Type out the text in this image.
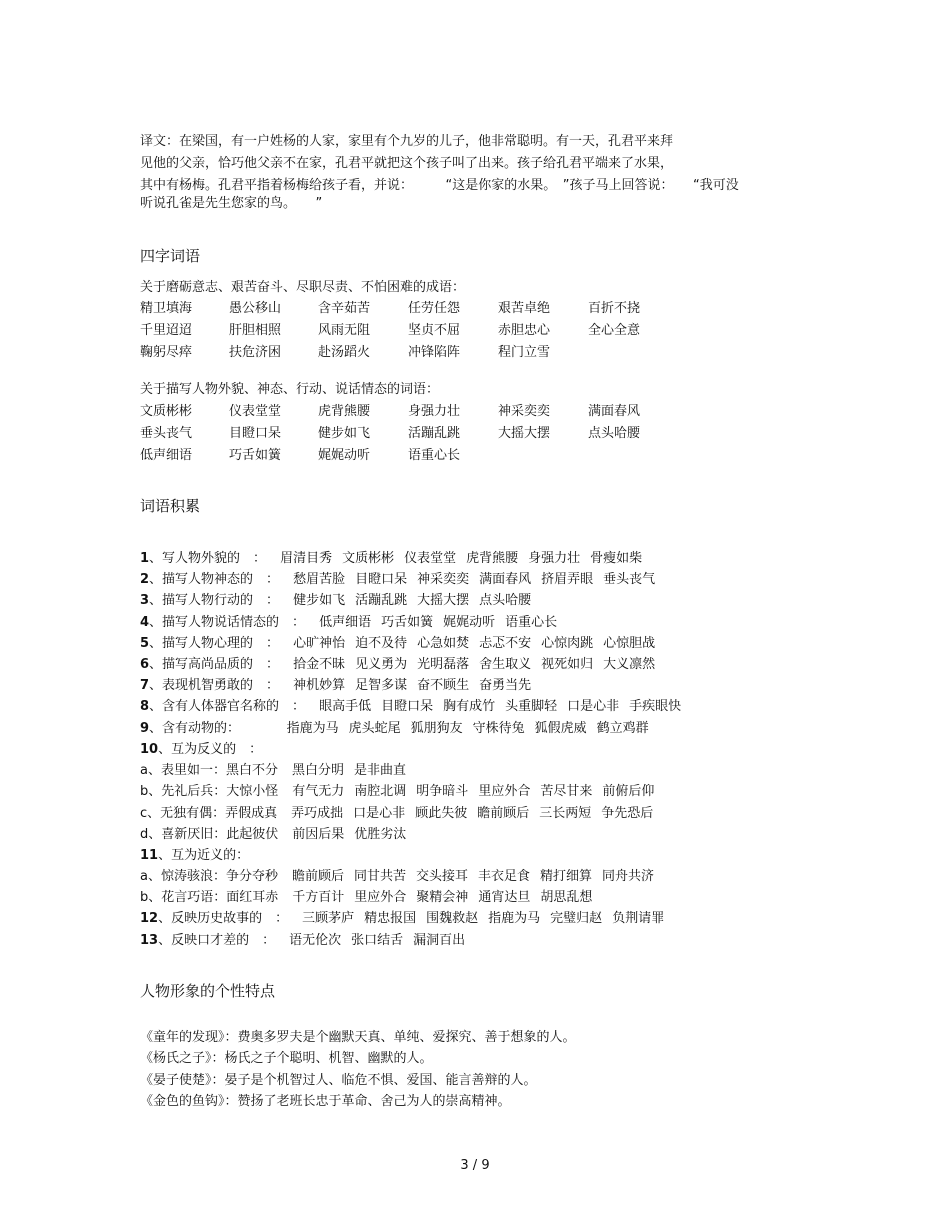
译文：在梁国，有一户姓杨的人家，家里有个九岁的儿子，他非常聪明。有一天，孔君平来拜
见他的父亲，恰巧他父亲不在家，孔君平就把这个孩子叫了出来。孩子给孔君平端来了水果，
其中有杨梅。孔君平指着杨梅给孩子看，并说：　　　“这是你家的水果。　”孩子马上回答说：　　“我可没
听说孔雀是先生您家的鸟。　　”
四字词语
关于磨砺意志、艰苦奋斗、尽职尽责、不怕困难的成语：
精卫填海	愚公移山	含辛茹苦	任劳任怨	艰苦卓绝	百折不挠
千里迢迢	肝胆相照	风雨无阻	坚贞不屈	赤胆忠心	全心全意
鞠躬尽瘁	扶危济困	赴汤蹈火	冲锋陷阵	程门立雪
关于描写人物外貌、神态、行动、说话情态的词语：
文质彬彬	仪表堂堂	虎背熊腰	身强力壮	神采奕奕	满面春风
垂头丧气	目瞪口呆	健步如飞	活蹦乱跳	大摇大摆	点头哈腰
低声细语	巧舌如簧	娓娓动听	语重心长
词语积累
1、写人物外貌的　： 眉清目秀 文质彬彬 仪表堂堂 虎背熊腰 身强力壮 骨瘦如柴
2、描写人物神态的　： 愁眉苦脸 目瞪口呆 神采奕奕 满面春风 挤眉弄眼 垂头丧气
3、描写人物行动的　： 健步如飞 活蹦乱跳 大摇大摆 点头哈腰
4、描写人物说话情态的　： 低声细语 巧舌如簧 娓娓动听 语重心长
5、描写人物心理的　： 心旷神怡 迫不及待 心急如焚 忐忑不安 心惊肉跳 心惊胆战
6、描写高尚品质的　： 拾金不昧 见义勇为 光明磊落 舍生取义 视死如归 大义凛然
7、表现机智勇敢的　： 神机妙算 足智多谋 奋不顾生 奋勇当先
8、含有人体器官名称的　： 眼高手低 目瞪口呆 胸有成竹 头重脚轻 口是心非 手疾眼快
9、含有动物的：　　　指鹿为马 虎头蛇尾 狐朋狗友 守株待兔 狐假虎威 鹤立鸡群
10、互为反义的　：
a、表里如一：黑白不分 黑白分明 是非曲直
b、先礼后兵：大惊小怪 有气无力 南腔北调 明争暗斗 里应外合 苦尽甘来 前俯后仰
c、无独有偶：弄假成真 弄巧成拙 口是心非 顾此失彼 瞻前顾后 三长两短 争先恐后
d、喜新厌旧：此起彼伏 前因后果 优胜劣汰
11、互为近义的：
a、惊涛骇浪：争分夺秒 瞻前顾后 同甘共苦 交头接耳 丰衣足食 精打细算 同舟共济
b、花言巧语：面红耳赤 千方百计 里应外合 聚精会神 通宵达旦 胡思乱想
12、反映历史故事的　： 三顾茅庐 精忠报国 围魏救赵 指鹿为马 完璧归赵 负荆请罪
13、反映口才差的　： 语无伦次 张口结舌 漏洞百出
人物形象的个性特点
《童年的发现》：费奥多罗夫是个幽默天真、单纯、爱探究、善于想象的人。
《杨氏之子》：杨氏之子个聪明、机智、幽默的人。
《晏子使楚》：晏子是个机智过人、临危不惧、爱国、能言善辩的人。
《金色的鱼钩》：赞扬了老班长忠于革命、舍己为人的崇高精神。
3 / 9
